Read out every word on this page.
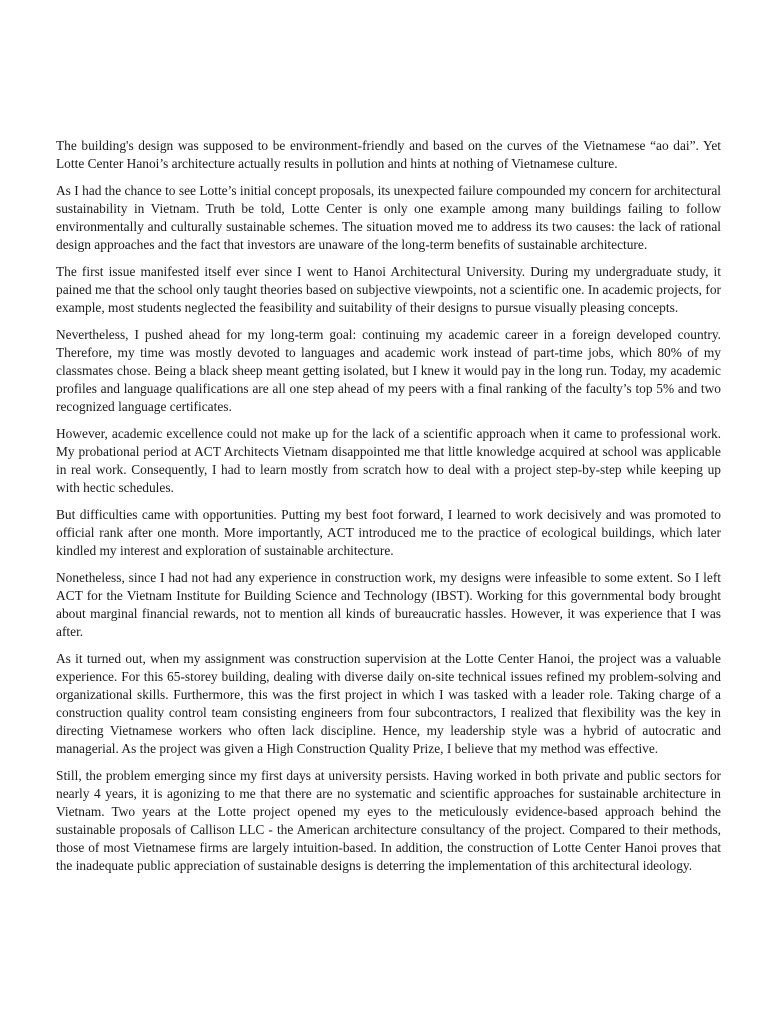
The building's design was supposed to be environment-friendly and based on the curves of the Vietnamese “ao dai”. Yet Lotte Center Hanoi’s architecture actually results in pollution and hints at nothing of Vietnamese culture.

As I had the chance to see Lotte’s initial concept proposals, its unexpected failure compounded my concern for architectural sustainability in Vietnam. Truth be told, Lotte Center is only one example among many buildings failing to follow environmentally and culturally sustainable schemes. The situation moved me to address its two causes: the lack of rational design approaches and the fact that investors are unaware of the long-term benefits of sustainable architecture.

The first issue manifested itself ever since I went to Hanoi Architectural University. During my undergraduate study, it pained me that the school only taught theories based on subjective viewpoints, not a scientific one. In academic projects, for example, most students neglected the feasibility and suitability of their designs to pursue visually pleasing concepts.

Nevertheless, I pushed ahead for my long-term goal: continuing my academic career in a foreign developed country. Therefore, my time was mostly devoted to languages and academic work instead of part-time jobs, which 80% of my classmates chose. Being a black sheep meant getting isolated, but I knew it would pay in the long run. Today, my academic profiles and language qualifications are all one step ahead of my peers with a final ranking of the faculty’s top 5% and two recognized language certificates.

However, academic excellence could not make up for the lack of a scientific approach when it came to professional work. My probational period at ACT Architects Vietnam disappointed me that little knowledge acquired at school was applicable in real work. Consequently, I had to learn mostly from scratch how to deal with a project step-by-step while keeping up with hectic schedules.

But difficulties came with opportunities. Putting my best foot forward, I learned to work decisively and was promoted to official rank after one month. More importantly, ACT introduced me to the practice of ecological buildings, which later kindled my interest and exploration of sustainable architecture.

Nonetheless, since I had not had any experience in construction work, my designs were infeasible to some extent. So I left ACT for the Vietnam Institute for Building Science and Technology (IBST). Working for this governmental body brought about marginal financial rewards, not to mention all kinds of bureaucratic hassles. However, it was experience that I was after.

As it turned out, when my assignment was construction supervision at the Lotte Center Hanoi, the project was a valuable experience. For this 65-storey building, dealing with diverse daily on-site technical issues refined my problem-solving and organizational skills. Furthermore, this was the first project in which I was tasked with a leader role. Taking charge of a construction quality control team consisting engineers from four subcontractors, I realized that flexibility was the key in directing Vietnamese workers who often lack discipline. Hence, my leadership style was a hybrid of autocratic and managerial. As the project was given a High Construction Quality Prize, I believe that my method was effective.

Still, the problem emerging since my first days at university persists. Having worked in both private and public sectors for nearly 4 years, it is agonizing to me that there are no systematic and scientific approaches for sustainable architecture in Vietnam. Two years at the Lotte project opened my eyes to the meticulously evidence-based approach behind the sustainable proposals of Callison LLC - the American architecture consultancy of the project. Compared to their methods, those of most Vietnamese firms are largely intuition-based. In addition, the construction of Lotte Center Hanoi proves that the inadequate public appreciation of sustainable designs is deterring the implementation of this architectural ideology.
